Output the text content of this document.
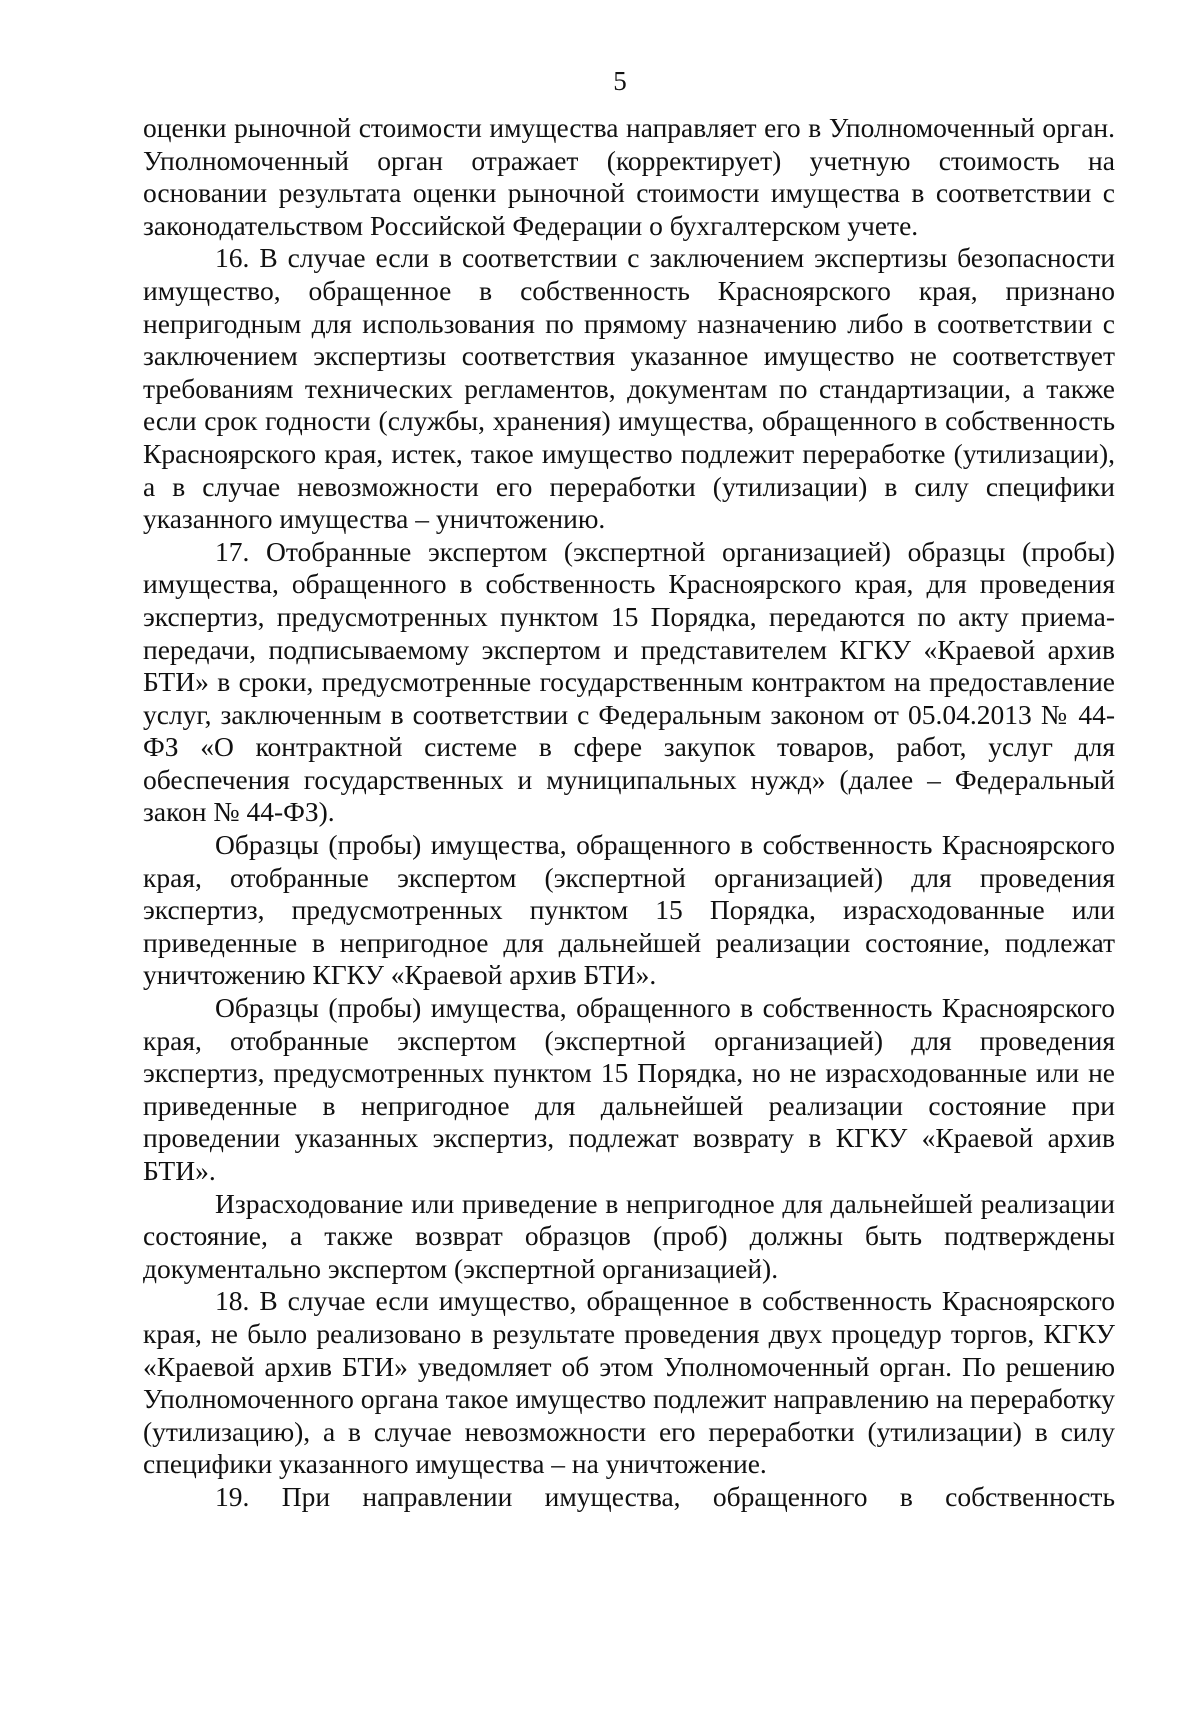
5

оценки рыночной стоимости имущества направляет его в Уполномоченный орган. Уполномоченный орган отражает (корректирует) учетную стоимость на основании результата оценки рыночной стоимости имущества в соответствии с законодательством Российской Федерации о бухгалтерском учете.

16. В случае если в соответствии с заключением экспертизы безопасности имущество, обращенное в собственность Красноярского края, признано непригодным для использования по прямому назначению либо в соответствии с заключением экспертизы соответствия указанное имущество не соответствует требованиям технических регламентов, документам по стандартизации, а также если срок годности (службы, хранения) имущества, обращенного в собственность Красноярского края, истек, такое имущество подлежит переработке (утилизации), а в случае невозможности его переработки (утилизации) в силу специфики указанного имущества – уничтожению.

17. Отобранные экспертом (экспертной организацией) образцы (пробы) имущества, обращенного в собственность Красноярского края, для проведения экспертиз, предусмотренных пунктом 15 Порядка, передаются по акту приема-передачи, подписываемому экспертом и представителем КГКУ «Краевой архив БТИ» в сроки, предусмотренные государственным контрактом на предоставление услуг, заключенным в соответствии с Федеральным законом от 05.04.2013 № 44-ФЗ «О контрактной системе в сфере закупок товаров, работ, услуг для обеспечения государственных и муниципальных нужд» (далее – Федеральный закон № 44-ФЗ).

Образцы (пробы) имущества, обращенного в собственность Красноярского края, отобранные экспертом (экспертной организацией) для проведения экспертиз, предусмотренных пунктом 15 Порядка, израсходованные или приведенные в непригодное для дальнейшей реализации состояние, подлежат уничтожению КГКУ «Краевой архив БТИ».

Образцы (пробы) имущества, обращенного в собственность Красноярского края, отобранные экспертом (экспертной организацией) для проведения экспертиз, предусмотренных пунктом 15 Порядка, но не израсходованные или не приведенные в непригодное для дальнейшей реализации состояние при проведении указанных экспертиз, подлежат возврату в КГКУ «Краевой архив БТИ».

Израсходование или приведение в непригодное для дальнейшей реализации состояние, а также возврат образцов (проб) должны быть подтверждены документально экспертом (экспертной организацией).

18. В случае если имущество, обращенное в собственность Красноярского края, не было реализовано в результате проведения двух процедур торгов, КГКУ «Краевой архив БТИ» уведомляет об этом Уполномоченный орган. По решению Уполномоченного органа такое имущество подлежит направлению на переработку (утилизацию), а в случае невозможности его переработки (утилизации) в силу специфики указанного имущества – на уничтожение.

19. При направлении имущества, обращенного в собственность
